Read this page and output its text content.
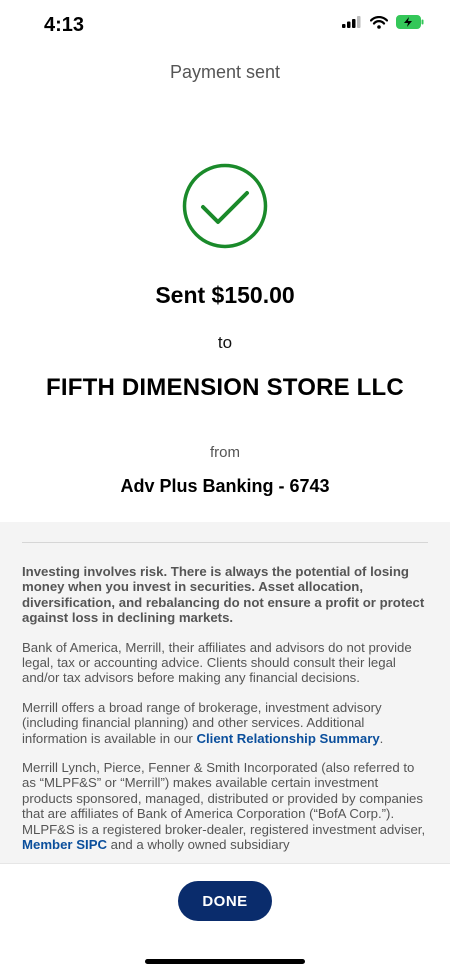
4:13
Payment sent
Sent $150.00
to
FIFTH DIMENSION STORE LLC
from
Adv Plus Banking - 6743

Investing involves risk. There is always the potential of losing money when you invest in securities. Asset allocation, diversification, and rebalancing do not ensure a profit or protect against loss in declining markets.

Bank of America, Merrill, their affiliates and advisors do not provide legal, tax or accounting advice. Clients should consult their legal and/or tax advisors before making any financial decisions.

Merrill offers a broad range of brokerage, investment advisory (including financial planning) and other services. Additional information is available in our Client Relationship Summary.

Merrill Lynch, Pierce, Fenner & Smith Incorporated (also referred to as “MLPF&S” or “Merrill”) makes available certain investment products sponsored, managed, distributed or provided by companies that are affiliates of Bank of America Corporation (“BofA Corp.”). MLPF&S is a registered broker-dealer, registered investment adviser, Member SIPC and a wholly owned subsidiary

DONE
